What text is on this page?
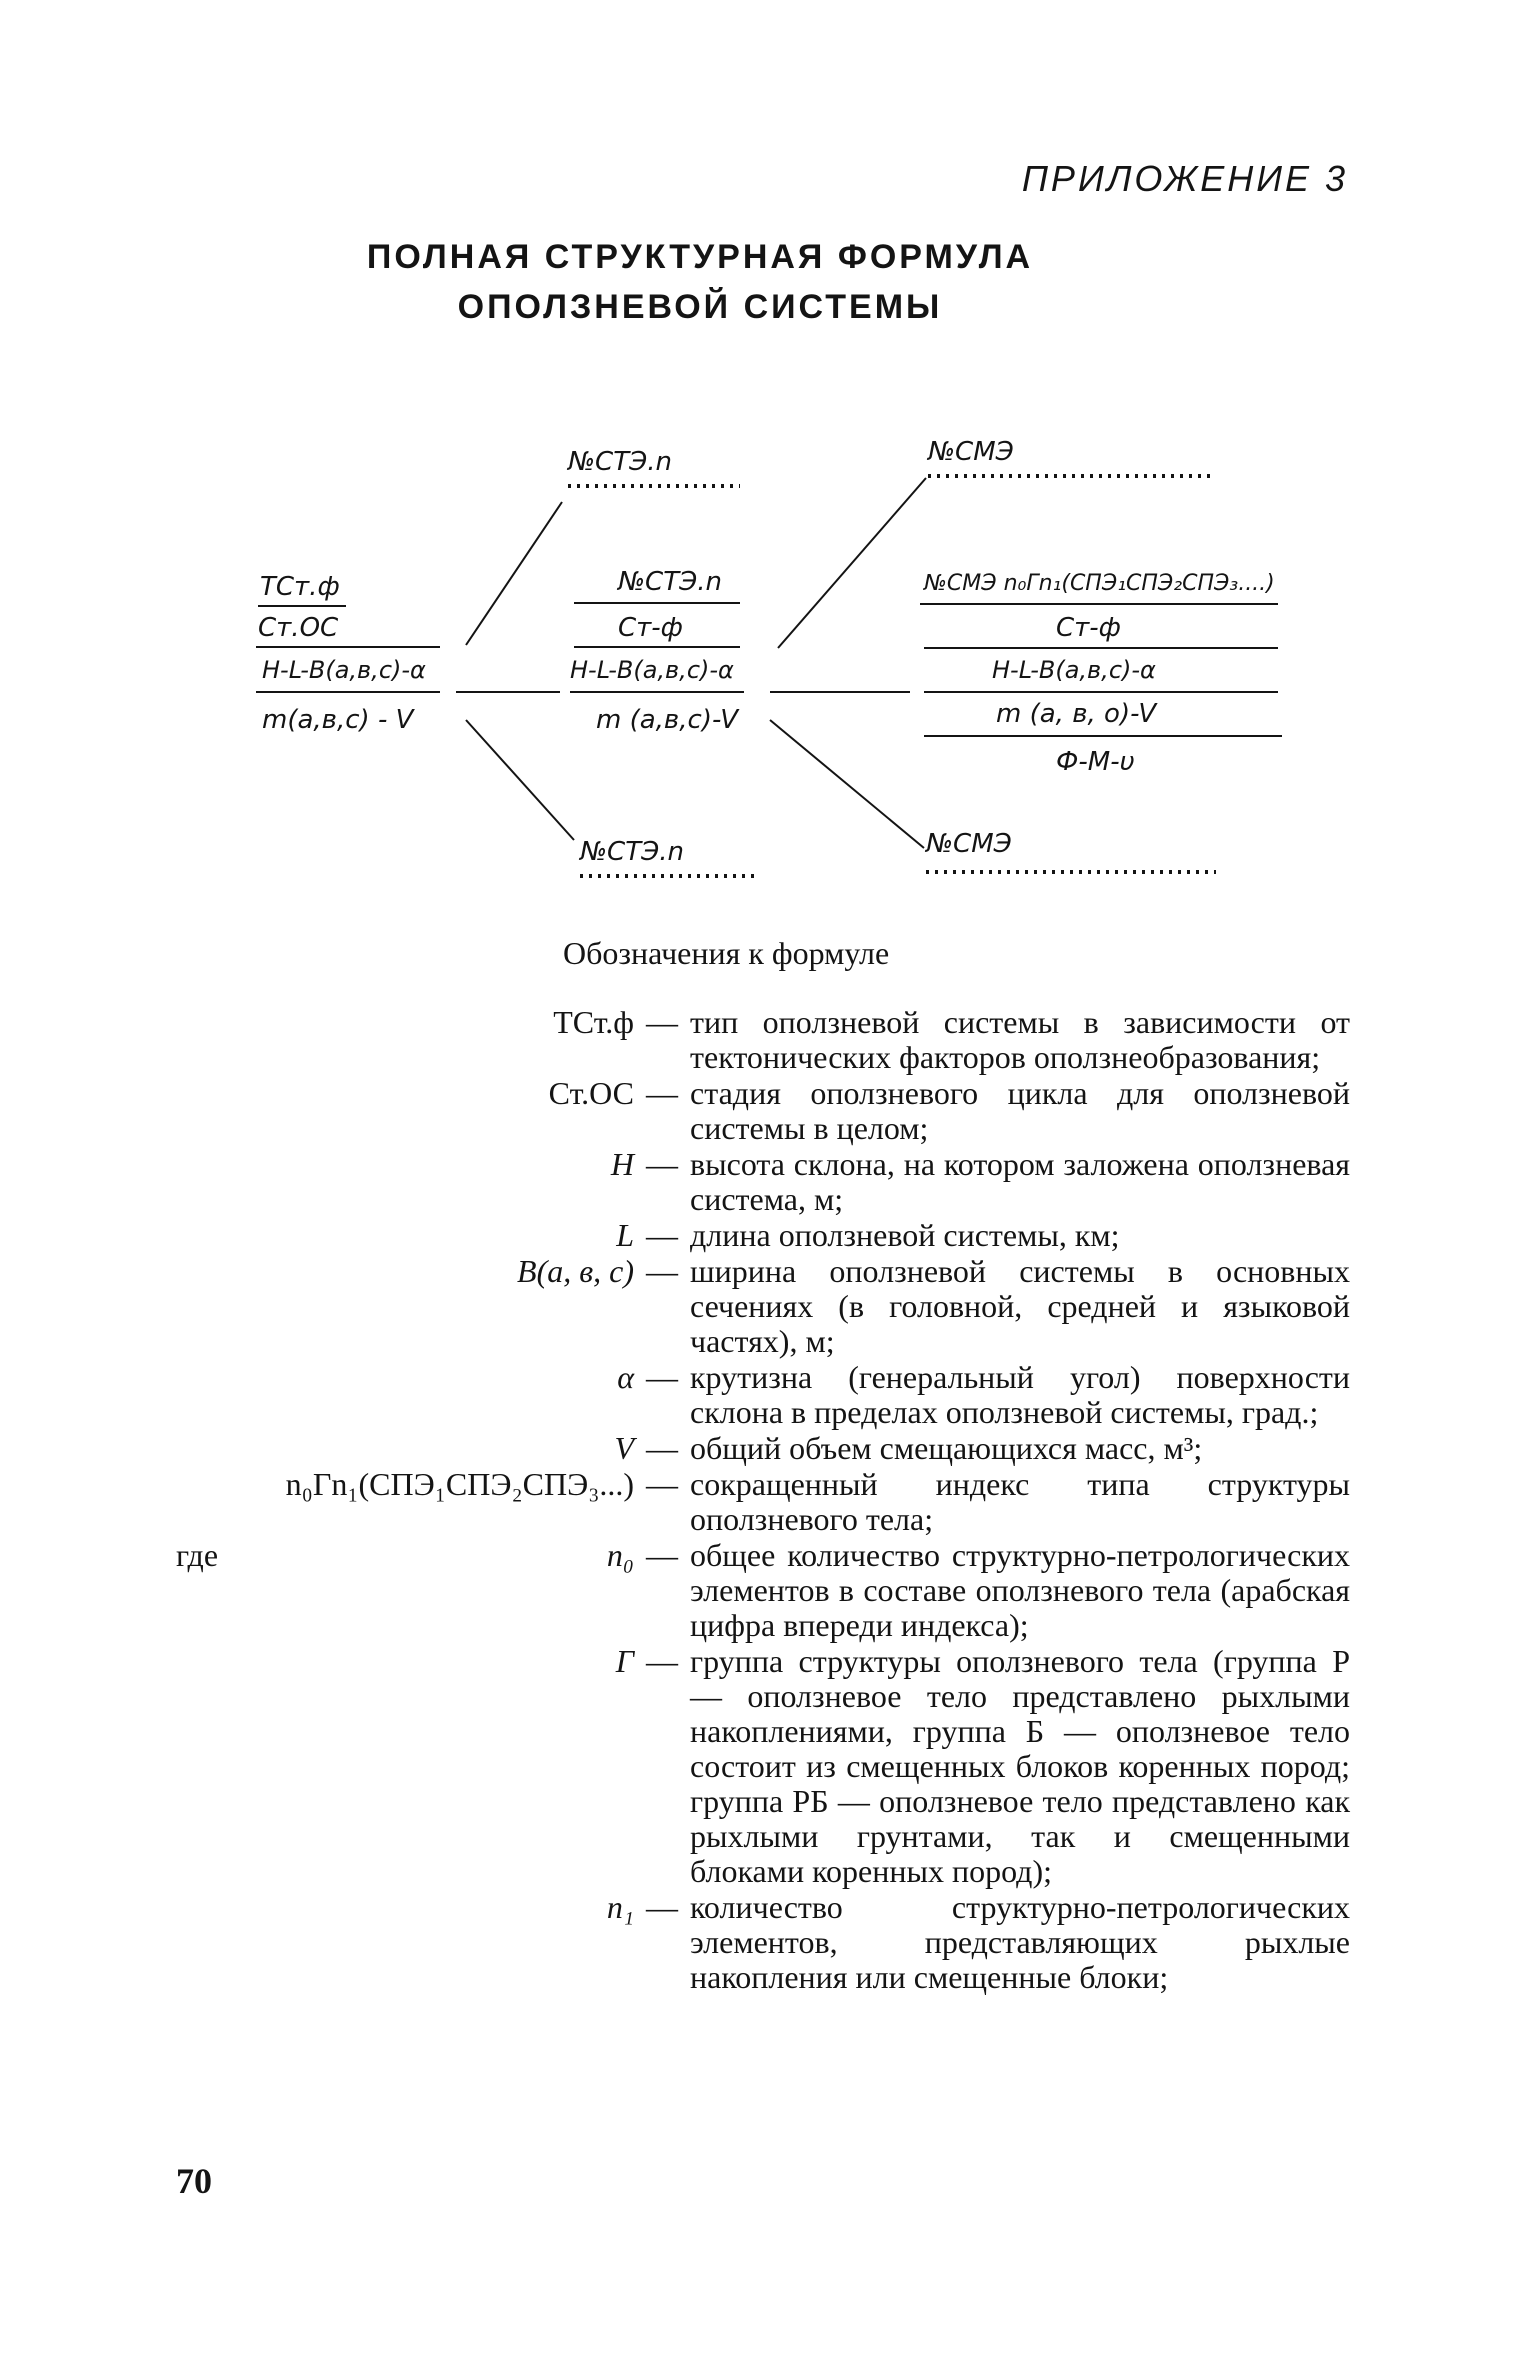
ПРИЛОЖЕНИЕ 3
ПОЛНАЯ СТРУКТУРНАЯ ФОРМУЛА
ОПОЛЗНЕВОЙ СИСТЕМЫ
ТСт.ф
Ст.ОС
H-L-B(a,в,c)-α
m(a,в,c) - V
№СТЭ.n
№СТЭ.n
Ст-ф
H-L-B(a,в,c)-α
m (a,в,c)-V
№СТЭ.n
№СМЭ
№СМЭ n₀Гn₁(СПЭ₁СПЭ₂СПЭ₃....)
Ст-ф
H-L-B(a,в,c)-α
m (a, в, o)-V
Ф-М-υ
№СМЭ
Обозначения к формуле
ТСт.ф — тип оползневой системы в зависимости от тектонических факторов оползнеобразования;
Ст.ОС — стадия оползневого цикла для оползневой системы в целом;
H — высота склона, на котором заложена оползневая система, м;
L — длина оползневой системы, км;
B(a, в, c) — ширина оползневой системы в основных сечениях (в головной, средней и языковой частях), м;
α — крутизна (генеральный угол) поверхности склона в пределах оползневой системы, град.;
V — общий объем смещающихся масс, м³;
n₀Гn₁(СПЭ₁СПЭ₂СПЭ₃...) — сокращенный индекс типа структуры оползневого тела;
где	n₀ — общее количество структурно-петрологических элементов в составе оползневого тела (арабская цифра впереди индекса);
Г — группа структуры оползневого тела (группа Р — оползневое тело представлено рыхлыми накоплениями, группа Б — оползневое тело состоит из смещенных блоков коренных пород; группа РБ — оползневое тело представлено как рыхлыми грунтами, так и смещенными блоками коренных пород);
n₁ — количество структурно-петрологических элементов, представляющих рыхлые накопления или смещенные блоки;
70
